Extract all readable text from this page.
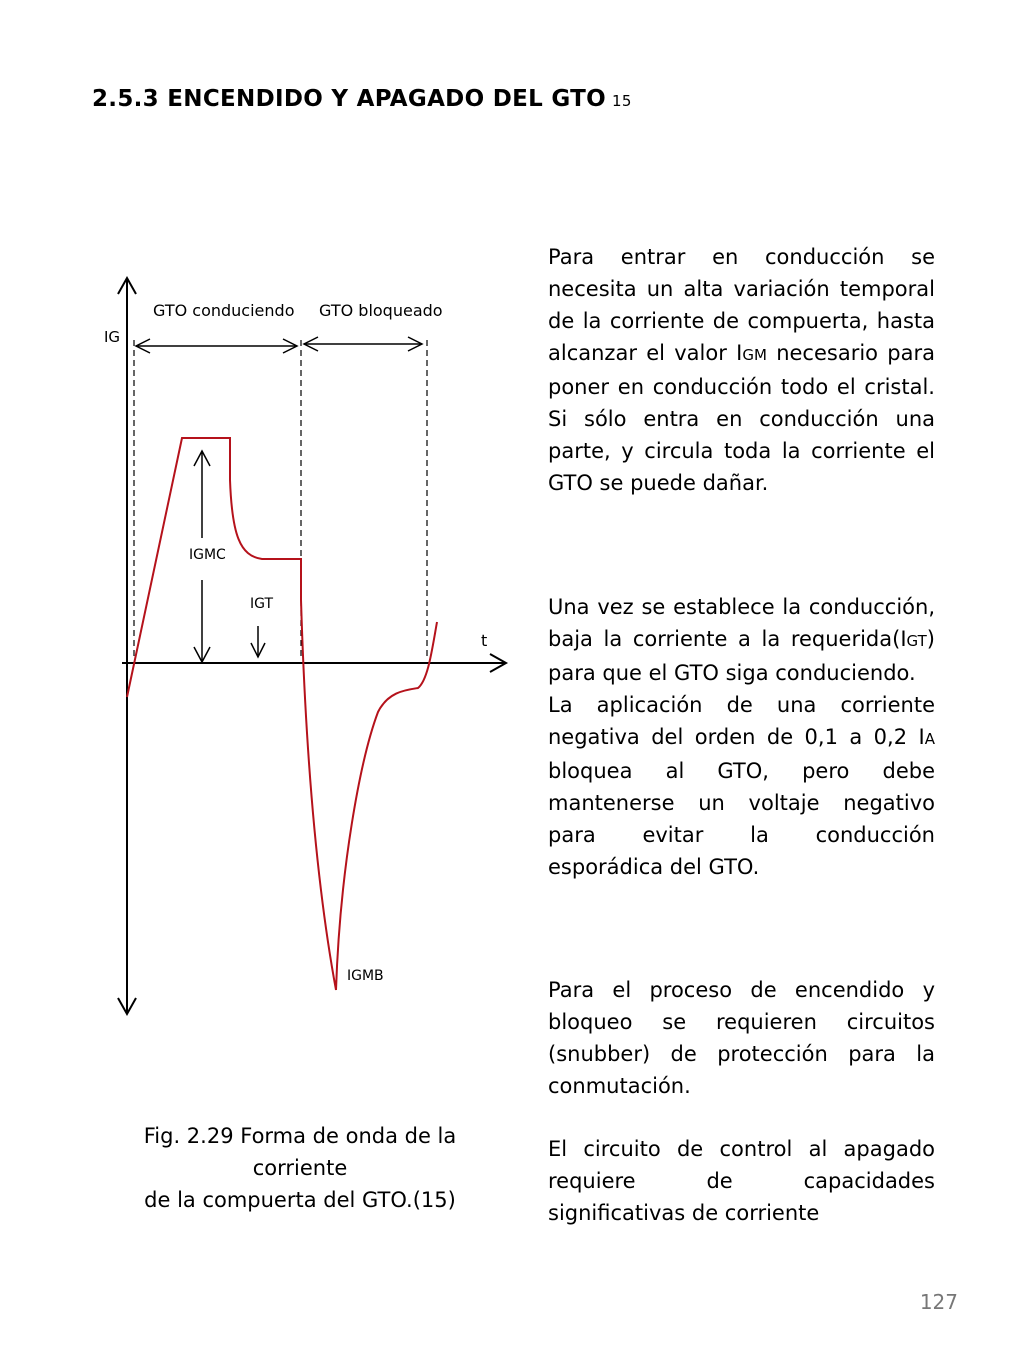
2.5.3 ENCENDIDO Y APAGADO DEL GTO 15
GTO conduciendo GTO bloqueado
IG
t
IGMC
IGT
IGMB
Fig. 2.29 Forma de onda de la corriente
de la compuerta del GTO.(15)

Para entrar en conducción se necesita un alta variación temporal de la corriente de compuerta, hasta alcanzar el valor IGM necesario para poner en conducción todo el cristal. Si sólo entra en conducción una parte, y circula toda la corriente el GTO se puede dañar.

Una vez se establece la conducción, baja la corriente a la requerida(IGT) para que el GTO siga conduciendo.

La aplicación de una corriente negativa del orden de 0,1 a 0,2 IA bloquea al GTO, pero debe mantenerse un voltaje negativo para evitar la conducción esporádica del GTO.

Para el proceso de encendido y bloqueo se requieren circuitos (snubber) de protección para la conmutación.

El circuito de control al apagado requiere de capacidades significativas de corriente

127
